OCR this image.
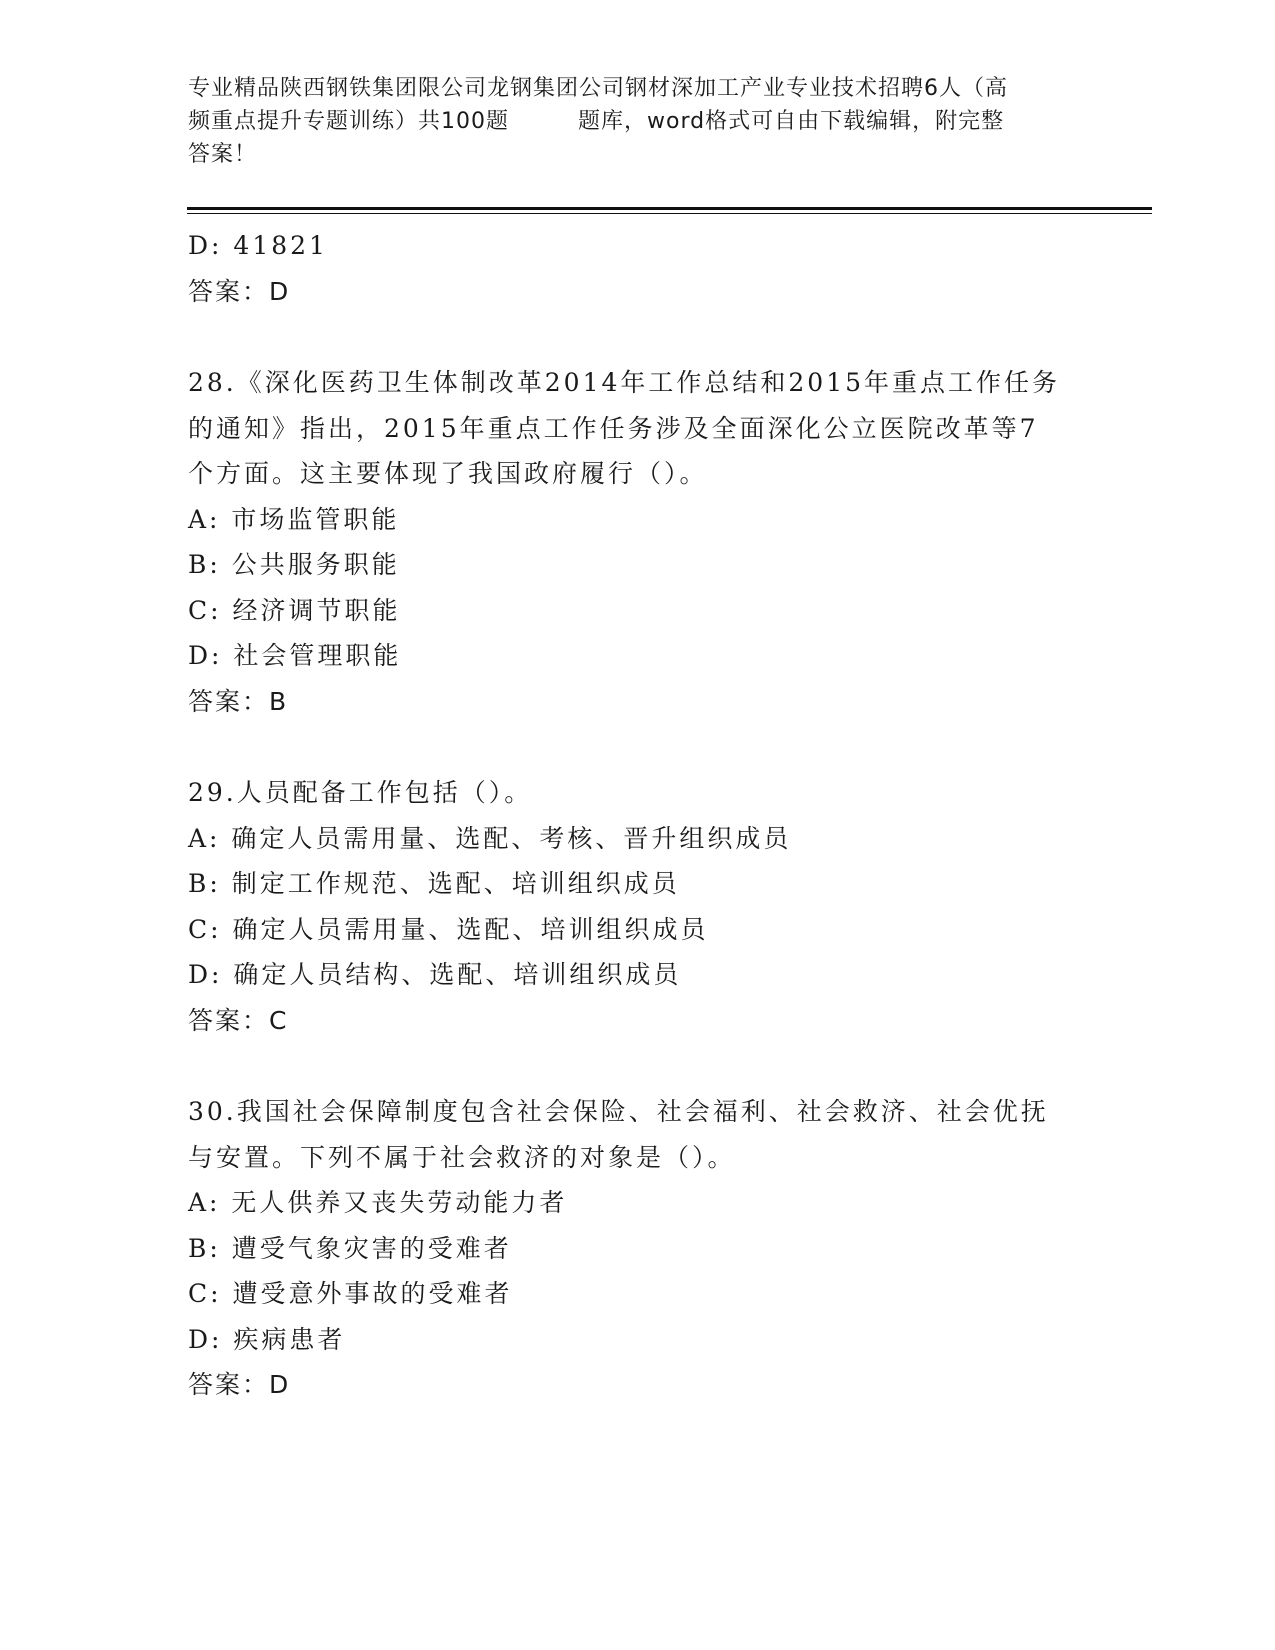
专业精品陕西钢铁集团限公司龙钢集团公司钢材深加工产业专业技术招聘6人（高
频重点提升专题训练）共100题　　　题库，word格式可自由下载编辑，附完整
答案！
D: 41821
答案：D
28.《深化医药卫生体制改革2014年工作总结和2015年重点工作任务
的通知》指出，2015年重点工作任务涉及全面深化公立医院改革等7
个方面。这主要体现了我国政府履行（）。
A: 市场监管职能
B: 公共服务职能
C: 经济调节职能
D: 社会管理职能
答案：B
29.人员配备工作包括（）。
A: 确定人员需用量、选配、考核、晋升组织成员
B: 制定工作规范、选配、培训组织成员
C: 确定人员需用量、选配、培训组织成员
D: 确定人员结构、选配、培训组织成员
答案：C
30.我国社会保障制度包含社会保险、社会福利、社会救济、社会优抚
与安置。下列不属于社会救济的对象是（）。
A: 无人供养又丧失劳动能力者
B: 遭受气象灾害的受难者
C: 遭受意外事故的受难者
D: 疾病患者
答案：D
